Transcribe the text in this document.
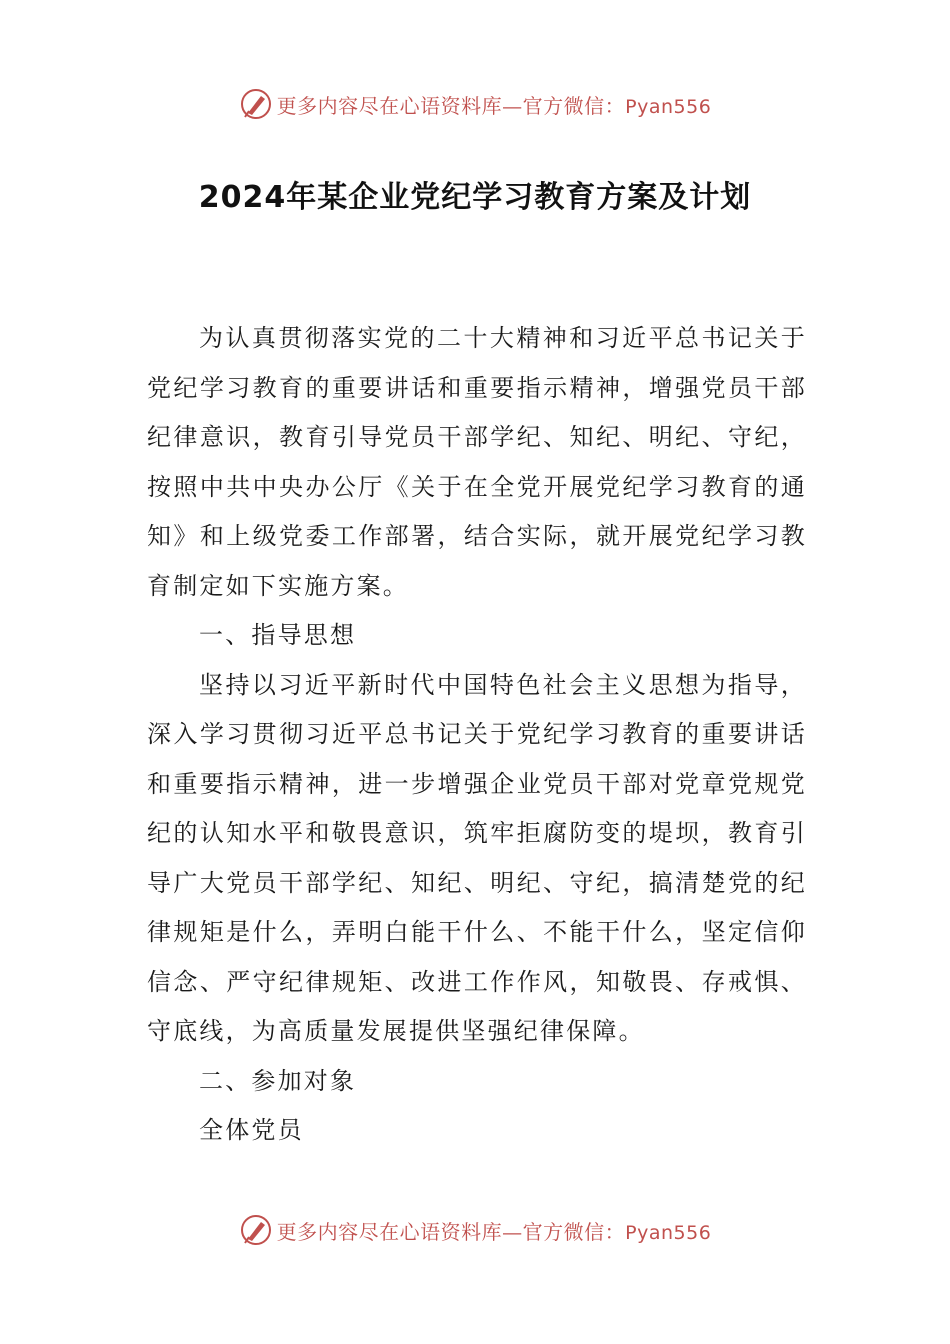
更多内容尽在心语资料库—官方微信：Pyan556
2024年某企业党纪学习教育方案及计划

为认真贯彻落实党的二十大精神和习近平总书记关于党纪学习教育的重要讲话和重要指示精神，增强党员干部纪律意识，教育引导党员干部学纪、知纪、明纪、守纪，按照中共中央办公厅《关于在全党开展党纪学习教育的通知》和上级党委工作部署，结合实际，就开展党纪学习教育制定如下实施方案。

一、指导思想

坚持以习近平新时代中国特色社会主义思想为指导，深入学习贯彻习近平总书记关于党纪学习教育的重要讲话和重要指示精神，进一步增强企业党员干部对党章党规党纪的认知水平和敬畏意识，筑牢拒腐防变的堤坝，教育引导广大党员干部学纪、知纪、明纪、守纪，搞清楚党的纪律规矩是什么，弄明白能干什么、不能干什么，坚定信仰信念、严守纪律规矩、改进工作作风，知敬畏、存戒惧、守底线，为高质量发展提供坚强纪律保障。

二、参加对象

全体党员

更多内容尽在心语资料库—官方微信：Pyan556
